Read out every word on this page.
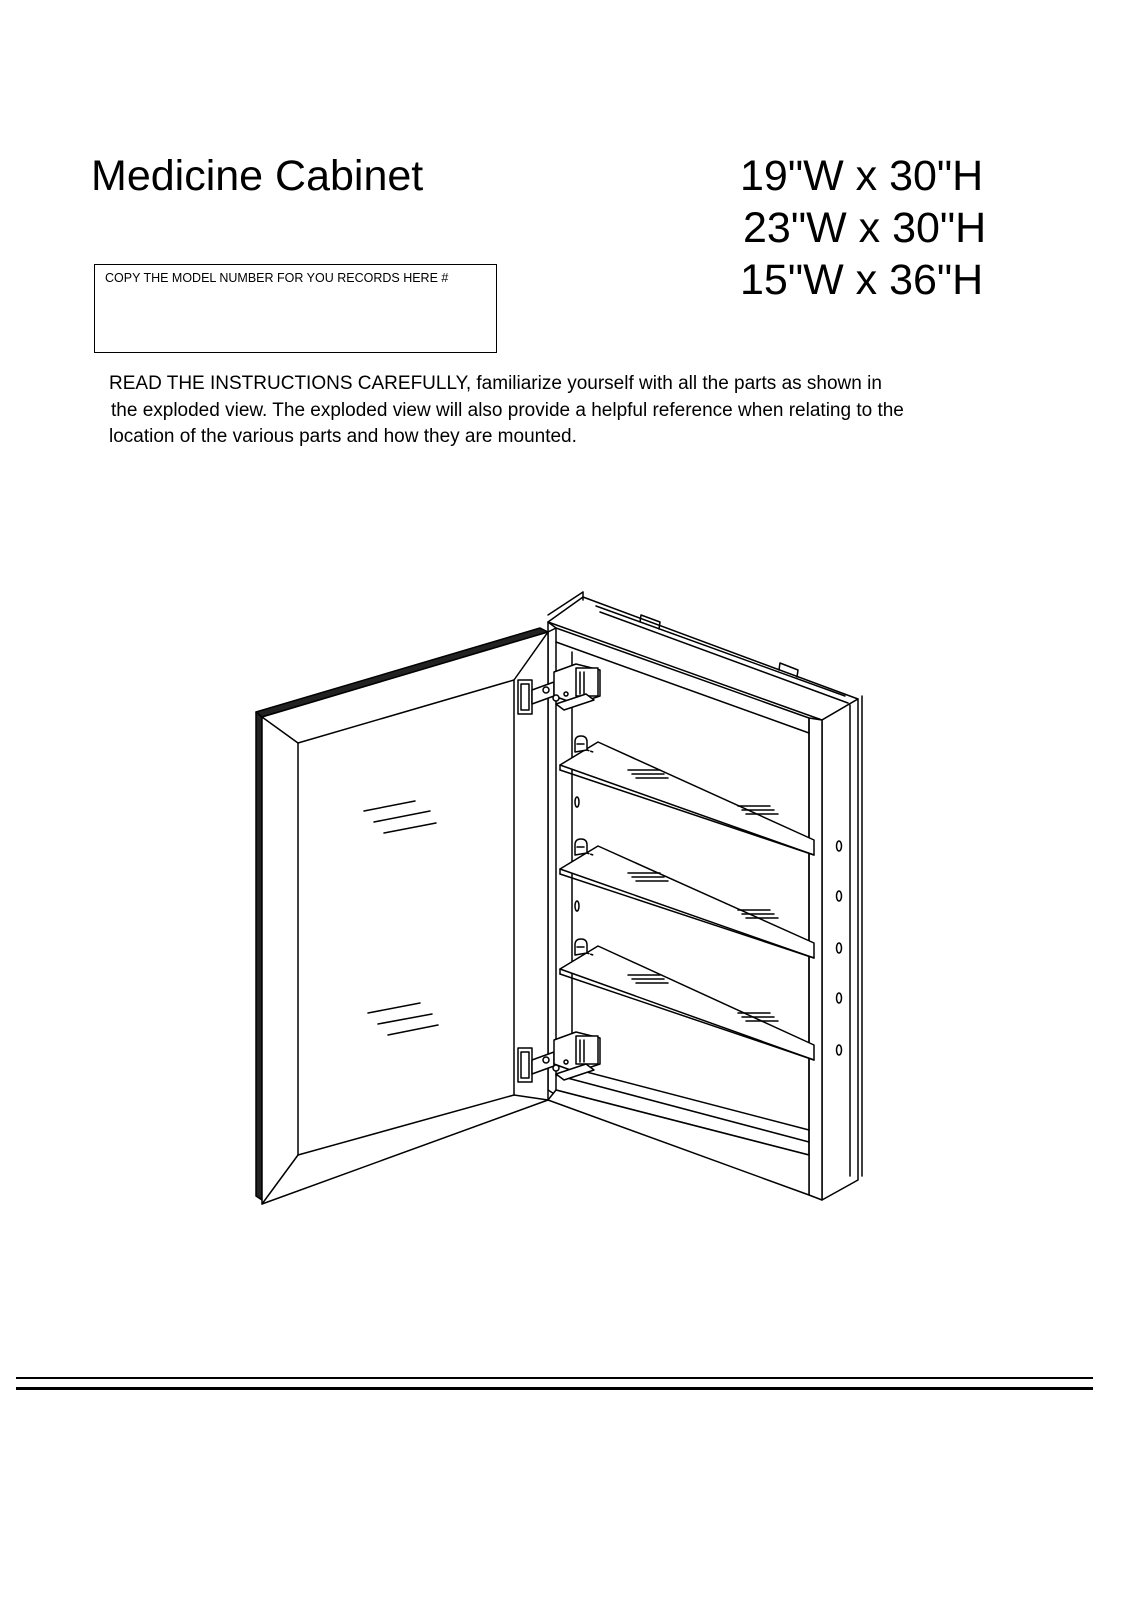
Medicine Cabinet	19"W x 30"H
23"W x 30"H
15"W x 36"H
COPY THE MODEL NUMBER FOR YOU RECORDS HERE #
READ THE INSTRUCTIONS CAREFULLY, familiarize yourself with all the parts as shown in
the exploded view. The exploded view will also provide a helpful reference when relating to the
location of the various parts and how they are mounted.
